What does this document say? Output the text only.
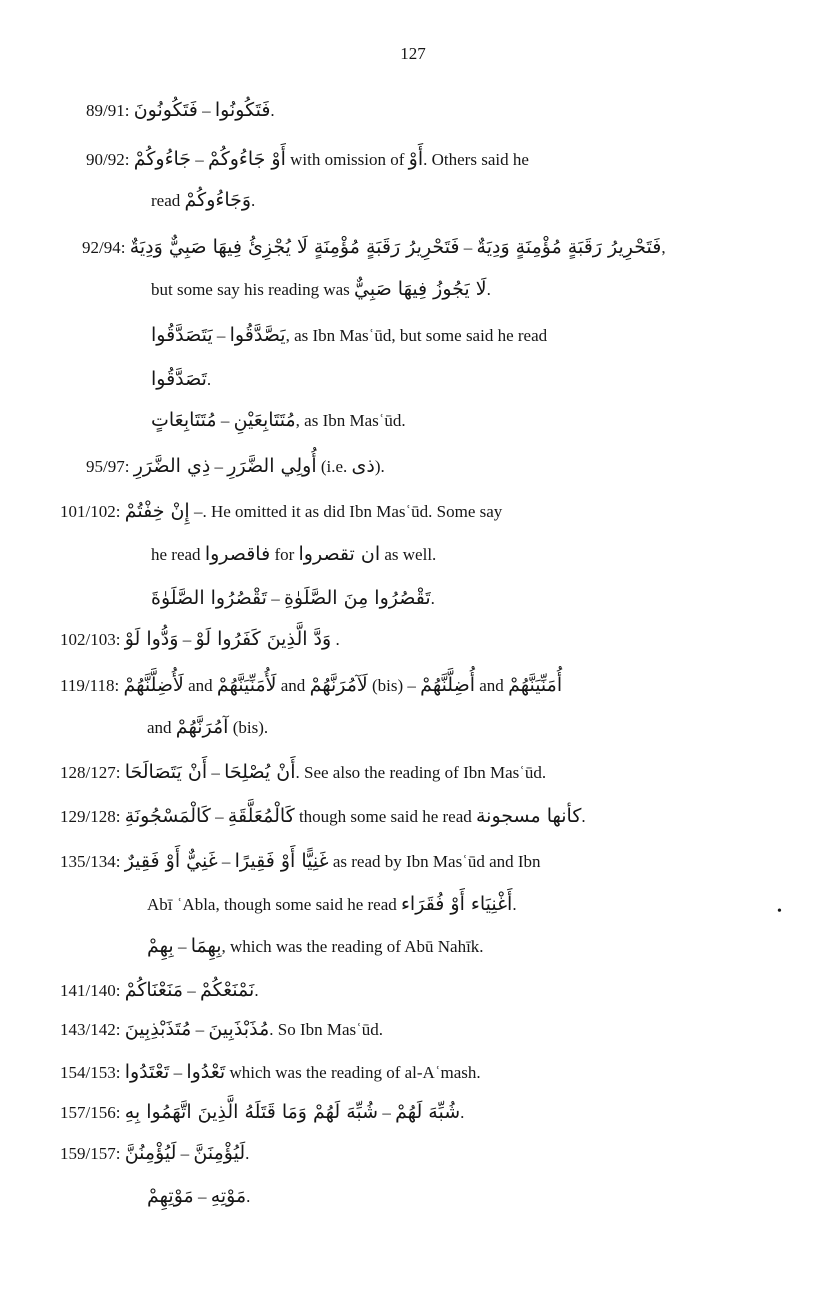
127
89/91:	فَتَكُونُوا – فَتَكُونُونَ	.
90/92:	أَوْ جَاءُوكُمْ – جَاءُوكُمْ	with omission of أَوْ. Others said he
read وَجَاءُوكُمْ.
92/94:	فَتَحْرِيرُ رَقَبَةٍ مُؤْمِنَةٍ وَدِيَةٌ – فَتَحْرِيرُ رَقَبَةٍ مُؤْمِنَةٍ لَا يُجْزِئُ فِيهَا صَبِيٌّ وَدِيَةٌ	,
but some say his reading was لَا يَجُوزُ فِيهَا صَبِيٌّ.
يَصَّدَّقُوا – يَتَصَدَّقُوا	, as Ibn Masʿūd, but some said he read
تَصَدَّقُوا.
مُتَتَابِعَيْنِ – مُتَتَابِعَاتٍ	, as Ibn Masʿūd.
95/97:	أُولِي الضَّرَرِ – ذِي الضَّرَرِ	(i.e. ذى).
101/102: إِنْ خِفْتُمْ –. He omitted it as did Ibn Masʿūd. Some say
he read فاقصروا for ان تقصروا as well.
تَقْصُرُوا مِنَ الصَّلَوٰةِ – تَقْصُرُوا الصَّلَوٰةَ	.
102/103:	وَدَّ الَّذِينَ كَفَرُوا لَوْ – وَدُّوا لَوْ	.
119/118: لَأُضِلَّنَّهُمْ and لَأُمَنِّيَنَّهُمْ and لَآمُرَنَّهُمْ (bis) – أُضِلَّنَّهُمْ and أُمَنِّيَنَّهُمْ
and آمُرَنَّهُمْ (bis).
128/127:	أَنْ يُصْلِحَا – أَنْ يَتَصَالَحَا	. See also the reading of Ibn Masʿūd.
129/128:	كَالْمُعَلَّقَةِ – كَالْمَسْجُونَةِ	though some said he read كأنها مسجونة.
135/134:	غَنِيًّا أَوْ فَقِيرًا – غَنِيٌّ أَوْ فَقِيرٌ	as read by Ibn Masʿūd and Ibn
Abī ʿAbla, though some said he read أَغْنِيَاء أَوْ فُقَرَاء.
بِهِمَا – بِهِمْ	, which was the reading of Abū Nahīk.
141/140:	نَمْنَعْكُمْ – مَنَعْنَاكُمْ	.
143/142:	مُذَبْذَبِينَ – مُتَذَبْذِبِينَ	. So Ibn Masʿūd.
154/153:	تَعْدُوا – تَعْتَدُوا	which was the reading of al-Aʿmash.
157/156:	شُبِّهَ لَهُمْ – شُبِّهَ لَهُمْ وَمَا قَتَلَهُ الَّذِينَ اتَّهَمُوا بِهِ	.
159/157:	لَيُؤْمِنَنَّ – لَيُؤْمِنُنَّ	.
مَوْتِهِ – مَوْتِهِمْ	.
•
